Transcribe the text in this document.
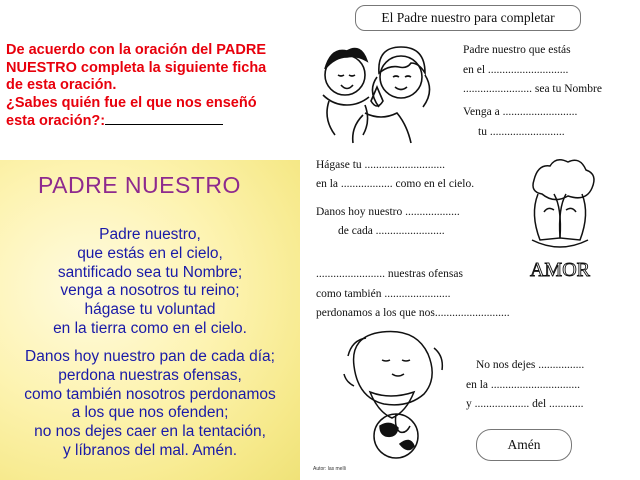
De acuerdo con la oración del PADRE
NUESTRO completa la siguiente ficha
de esta oración.
¿Sabes quién fue el que nos enseñó
esta oración?:
PADRE NUESTRO
Padre nuestro,
que estás en el cielo,
santificado sea tu Nombre;
venga a nosotros tu reino;
hágase tu voluntad
en la tierra como en el cielo.
Danos hoy nuestro pan de cada día;
perdona nuestras ofensas,
como también nosotros perdonamos
a los que nos ofenden;
no nos dejes caer en la tentación,
y líbranos del mal. Amén.
Autor: las melli
El Padre nuestro para completar
Padre nuestro que estás
en el ............................
........................ sea tu Nombre
Venga a ..........................
tu ..........................
Hágase tu ............................
en la .................. como en el cielo.
Danos hoy nuestro ...................
de cada ........................
AMOR
........................ nuestras ofensas
como también .......................
perdonamos a los que nos..........................
No nos dejes ................
en la ...............................
y ................... del ............
Amén
